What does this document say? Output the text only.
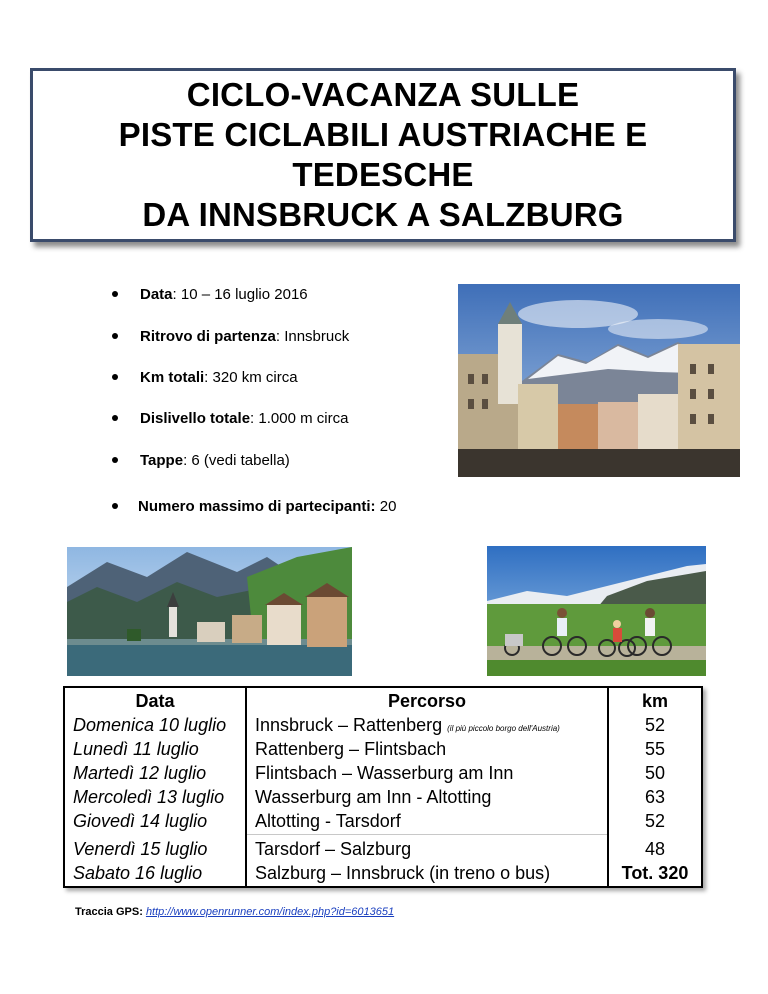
CICLO-VACANZA SULLE
PISTE CICLABILI AUSTRIACHE E TEDESCHE
DA INNSBRUCK A SALZBURG
Data: 10 – 16 luglio 2016
Ritrovo di partenza: Innsbruck
Km totali: 320 km circa
Dislivello totale: 1.000 m circa
Tappe: 6 (vedi tabella)
Numero massimo di partecipanti: 20
Data
Domenica 10 luglio
Lunedì 11 luglio
Martedì 12 luglio
Mercoledì 13 luglio
Giovedì 14 luglio
Venerdì 15 luglio
Sabato 16 luglio
Percorso
Innsbruck – Rattenberg (il più piccolo borgo dell'Austria)
Rattenberg – Flintsbach
Flintsbach – Wasserburg am Inn
Wasserburg am Inn - Altotting
Altotting - Tarsdorf
Tarsdorf – Salzburg
Salzburg – Innsbruck (in treno o bus)
km
52
55
50
63
52
48
Tot. 320
Traccia GPS: http://www.openrunner.com/index.php?id=6013651
